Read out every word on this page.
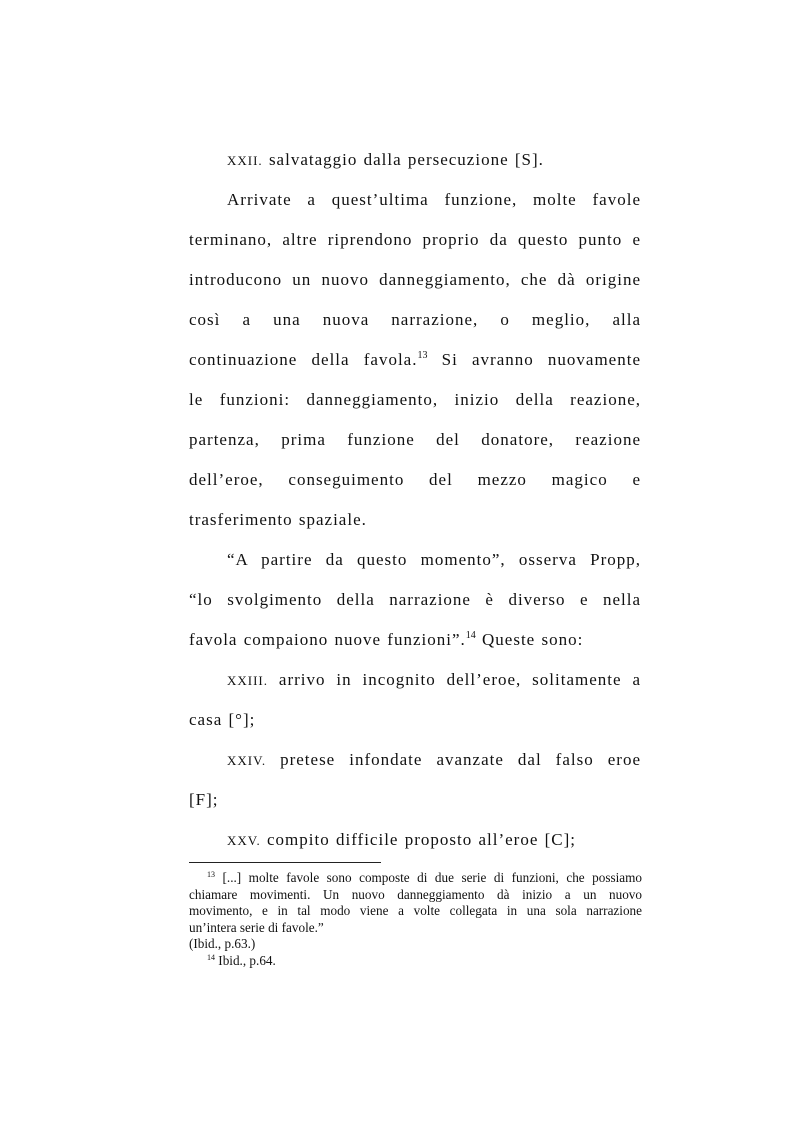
XXII. salvataggio dalla persecuzione [S].
Arrivate a quest’ultima funzione, molte favole
terminano, altre riprendono proprio da questo punto e
introducono un nuovo danneggiamento, che dà origine
così a una nuova narrazione, o meglio, alla
continuazione della favola.$^{13}$ Si avranno nuovamente
le funzioni: danneggiamento, inizio della reazione,
partenza, prima funzione del donatore, reazione
dell’eroe, conseguimento del mezzo magico e
trasferimento spaziale.
“A partire da questo momento”, osserva Propp,
“lo svolgimento della narrazione è diverso e nella
favola compaiono nuove funzioni”.$^{14}$ Queste sono:
XXIII. arrivo in incognito dell’eroe, solitamente a
casa [°];
XXIV. pretese infondate avanzate dal falso eroe
[F];
XXV. compito difficile proposto all’eroe [C];
$^{13}$ [...] molte favole sono composte di due serie di funzioni, che possiamo
chiamare movimenti. Un nuovo danneggiamento dà inizio a un nuovo
movimento, e in tal modo viene a volte collegata in una sola narrazione
un’intera serie di favole.”
(Ibid., p.63.)
$^{14}$ Ibid., p.64.
